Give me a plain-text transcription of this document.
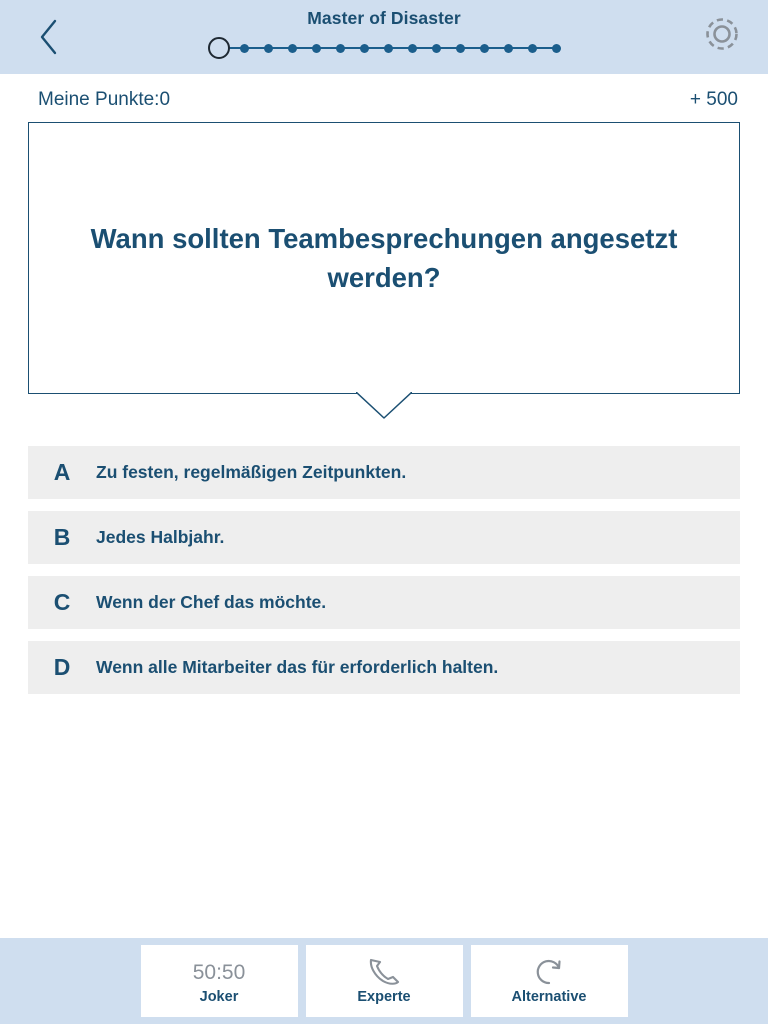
Master of Disaster
Meine Punkte:0	+ 500
Wann sollten Teambesprechungen angesetzt werden?
A	Zu festen, regelmäßigen Zeitpunkten.
B	Jedes Halbjahr.
C	Wenn der Chef das möchte.
D	Wenn alle Mitarbeiter das für erforderlich halten.
50:50
Joker	Experte	Alternative
